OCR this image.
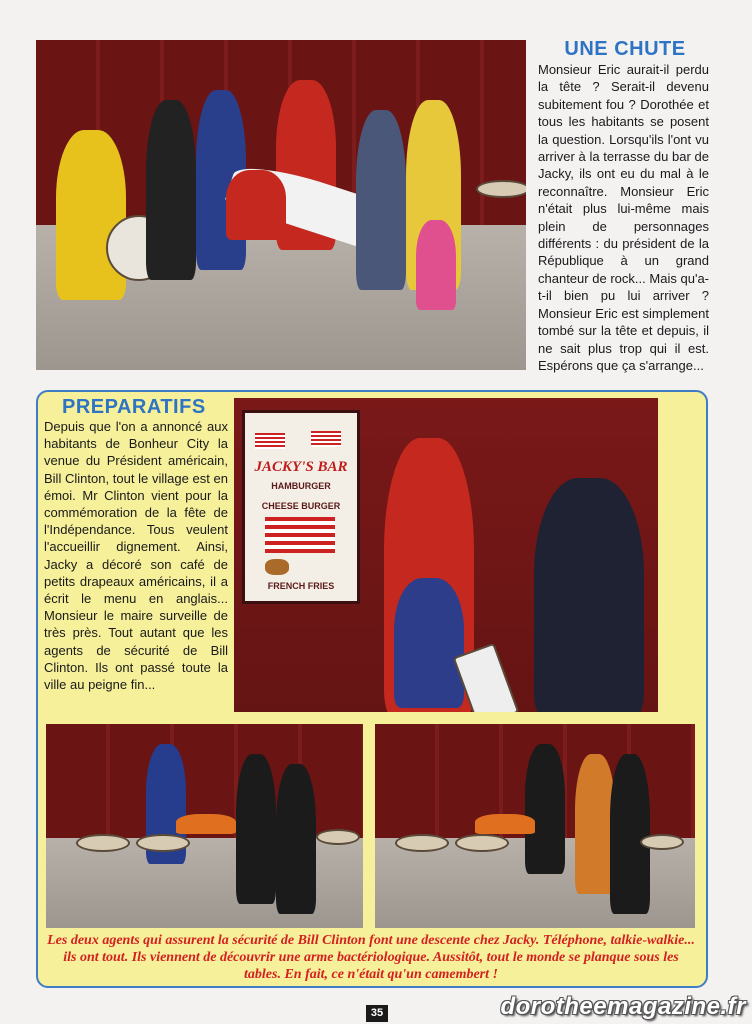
UNE CHUTE
Monsieur Eric aurait-il perdu la tête ? Serait-il devenu subitement fou ? Dorothée et tous les habitants se posent la question. Lorsqu'ils l'ont vu arriver à la terrasse du bar de Jacky, ils ont eu du mal à le reconnaître. Monsieur Eric n'était plus lui-même mais plein de personnages différents : du président de la République à un grand chanteur de rock... Mais qu'a-t-il bien pu lui arriver ? Monsieur Eric est simplement tombé sur la tête et depuis, il ne sait plus trop qui il est. Espérons que ça s'arrange...
PREPARATIFS
Depuis que l'on a annoncé aux habitants de Bonheur City la venue du Président américain, Bill Clinton, tout le village est en émoi. Mr Clinton vient pour la commémoration de la fête de l'Indépendance. Tous veulent l'accueillir dignement. Ainsi, Jacky a décoré son café de petits drapeaux américains, il a écrit le menu en anglais... Monsieur le maire surveille de très près. Tout autant que les agents de sécurité de Bill Clinton. Ils ont passé toute la ville au peigne fin...
JACKY'S BAR
HAMBURGER
CHEESE BURGER
FRENCH FRIES
Les deux agents qui assurent la sécurité de Bill Clinton font une descente chez Jacky. Téléphone, talkie-walkie... ils ont tout. Ils viennent de découvrir une arme bactériologique. Aussitôt, tout le monde se planque sous les tables. En fait, ce n'était qu'un camembert !
35	dorotheemagazine.fr
